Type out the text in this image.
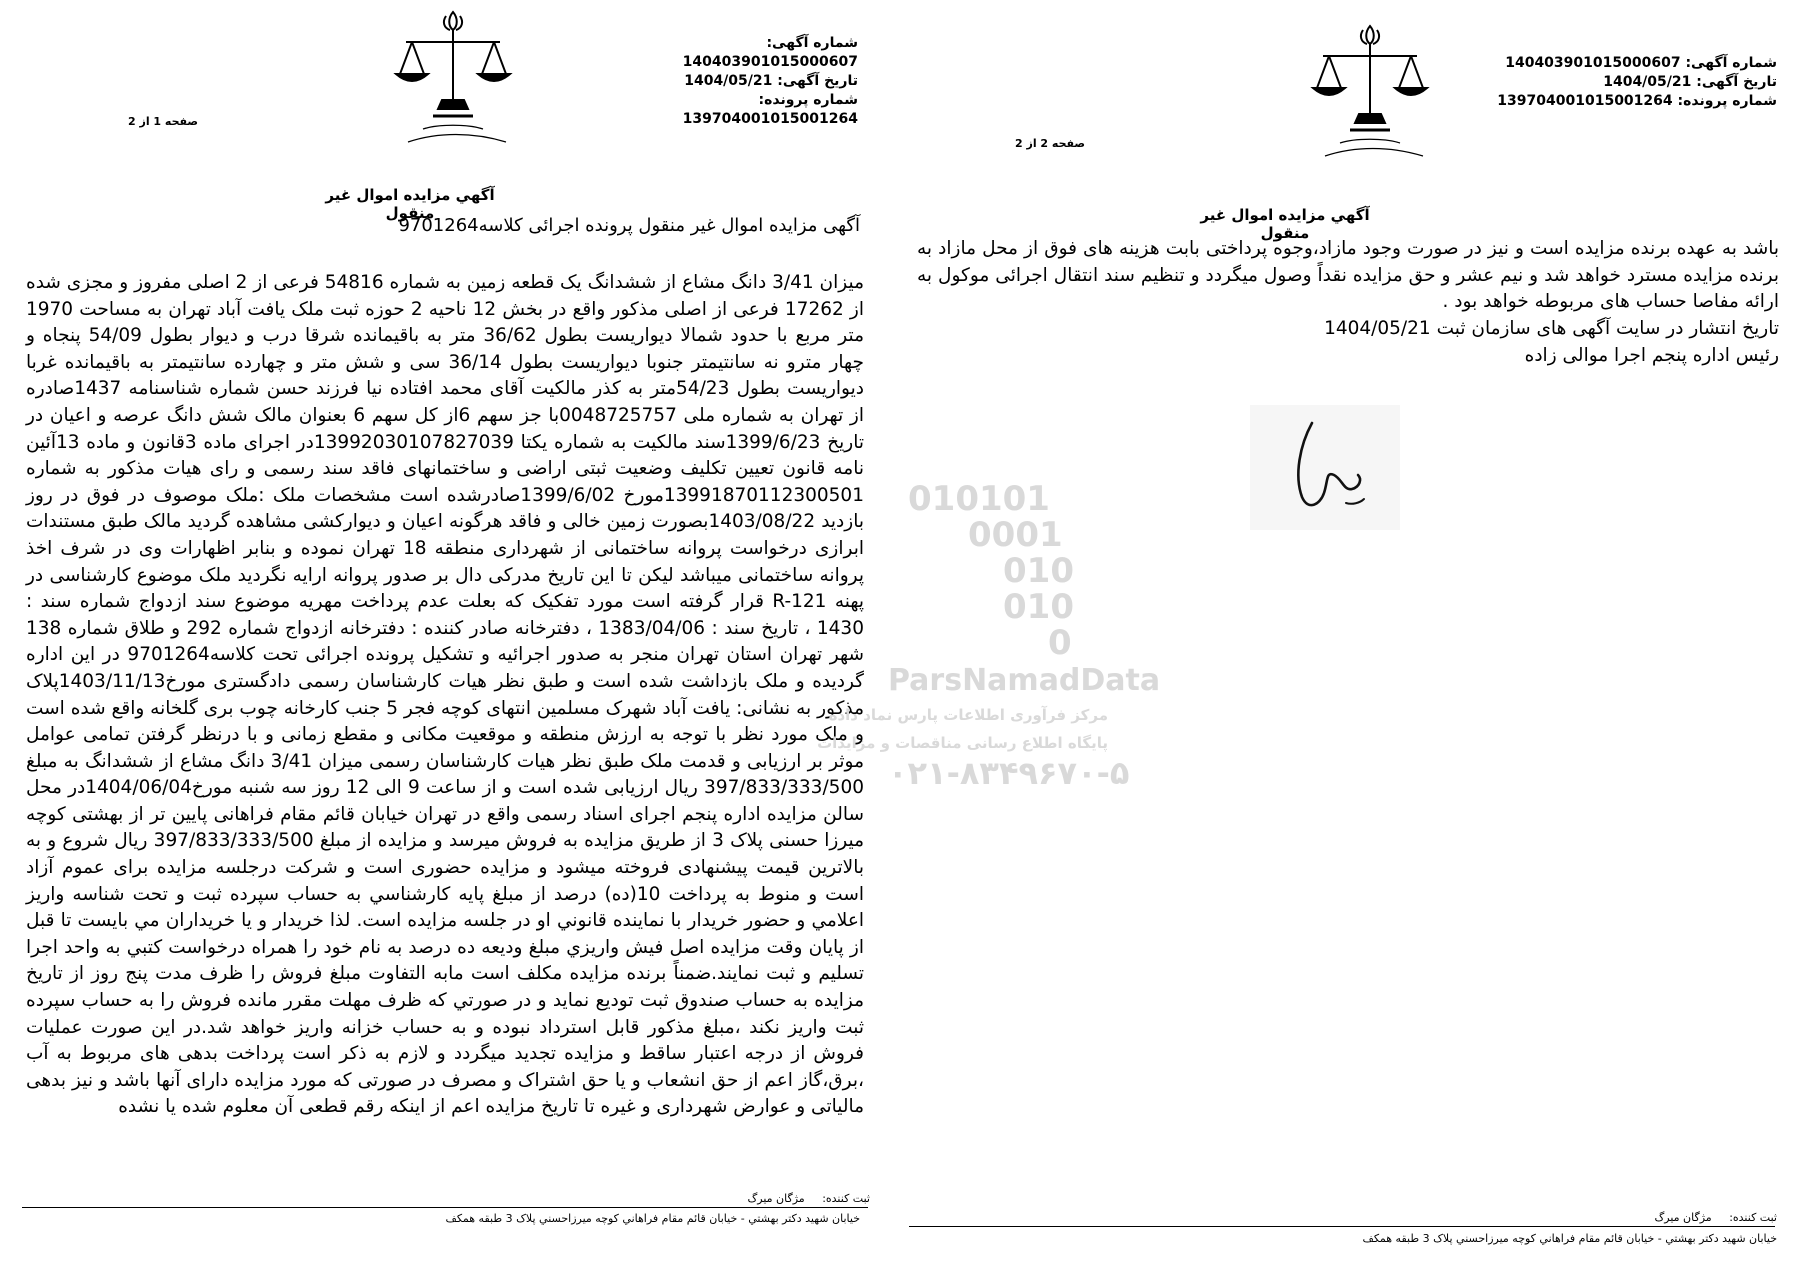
شماره آگهی: 140403901015000607
تاریخ آگهی: 1404/05/21
شماره پرونده: 139704001015001264
صفحه 1 از 2
آگهي مزايده اموال غير منقول
آگهی مزایده اموال غیر منقول پرونده اجرائی کلاسه9701264

میزان 3/41 دانگ مشاع از ششدانگ یک قطعه زمین به شماره 54816 فرعی از 2 اصلی مفروز و مجزی شده از 17262 فرعی از اصلی مذکور واقع در بخش 12 ناحیه 2 حوزه ثبت ملک یافت آباد تهران به مساحت 1970 متر مربع با حدود شمالا دیواریست بطول 36/62 متر به باقیمانده شرقا درب و دیوار بطول 54/09 پنجاه و چهار مترو نه سانتیمتر جنوبا دیواریست بطول 36/14 سی و شش متر و چهارده سانتیمتر به باقیمانده غربا دیواریست بطول 54/23متر به کذر مالکیت آقای محمد افتاده نیا فرزند حسن شماره شناسنامه 1437صادره از تهران به شماره ملی 0048725757با جز سهم 6از کل سهم 6 بعنوان مالک شش دانگ عرصه و اعیان در تاریخ 1399/6/23سند مالکیت به شماره یکتا 13992030107827039در اجرای ماده 3قانون و ماده 13آئین نامه قانون تعیین تکلیف وضعیت ثبتی اراضی و ساختمانهای فاقد سند رسمی و رای هیات مذکور به شماره 139918701123005​01مورخ 1399/6/02صادرشده است مشخصات ملک :ملک موصوف در فوق در روز بازدید 1403/08/22بصورت زمین خالی و فاقد هرگونه اعیان و دیوارکشی مشاهده گردید مالک طبق مستندات ابرازی درخواست پروانه ساختمانی از شهرداری منطقه 18 تهران نموده و بنابر اظهارات وی در شرف اخذ پروانه ساختمانی میباشد لیکن تا این تاریخ مدرکی دال بر صدور پروانه ارایه نگردید ملک موضوع کارشناسی در پهنه R-121 قرار گرفته است مورد تفکیک که بعلت عدم پرداخت مهریه موضوع سند ازدواج شماره سند : 1430 ، تاریخ سند : 1383/04/06 ، دفترخانه صادر کننده : دفترخانه ازدواج شماره 292 و طلاق شماره 138 شهر تهران استان تهران منجر به صدور اجرائیه و تشکیل پرونده اجرائی تحت کلاسه9701264 در این اداره گردیده و ملک بازداشت شده است و طبق نظر هیات کارشناسان رسمی دادگستری مورخ1403/11/13پلاک مذکور به نشانی: یافت آباد شهرک مسلمین انتهای کوچه فجر 5 جنب کارخانه چوب بری گلخانه واقع شده است و ملک مورد نظر با توجه به ارزش منطقه و موقعیت مکانی و مقطع زمانی و با درنظر گرفتن تمامی عوامل موثر بر ارزیابی و قدمت ملک طبق نظر هیات کارشناسان رسمی میزان 3/41 دانگ مشاع از ششدانگ به مبلغ 397/833/333/500 ریال ارزیابی شده است و از ساعت 9 الی 12 روز سه شنبه مورخ1404/06/04در محل سالن مزایده اداره پنجم اجرای اسناد رسمی واقع در تهران خیابان قائم مقام فراهانی پایین تر از بهشتی کوچه میرزا حسنی پلاک 3 از طریق مزایده به فروش میرسد و مزایده از مبلغ 397/833/333/500 ریال شروع و به بالاترین قیمت پیشنهادی فروخته میشود و مزایده حضوری است و شرکت درجلسه مزایده برای عموم آزاد است و منوط به پرداخت 10(ده) درصد از مبلغ پایه کارشناسي به حساب سپرده ثبت و تحت شناسه واريز اعلامي و حضور خريدار با نماينده قانوني او در جلسه مزايده است. لذا خريدار و يا خريداران مي بايست تا قبل از پايان وقت مزايده اصل فيش واريزي مبلغ وديعه ده درصد به نام خود را همراه درخواست کتبي به واحد اجرا تسليم و ثبت نمايند.ضمناً برنده مزايده مكلف است مابه التفاوت مبلغ فروش را ظرف مدت پنج روز از تاريخ مزايده به حساب صندوق ثبت توديع نمايد و در صورتي كه ظرف مهلت مقرر مانده فروش را به حساب سپرده ثبت واريز نكند ،مبلغ مذكور قابل استرداد نبوده و به حساب خزانه واريز خواهد شد.در این صورت عملیات فروش از درجه اعتبار ساقط و مزایده تجدید میگردد و لازم به ذکر است پرداخت بدهی های مربوط به آب ،برق،گاز اعم از حق انشعاب و یا حق اشتراک و مصرف در صورتی که مورد مزایده دارای آنها باشد و نیز بدهی مالیاتی و عوارض شهرداری و غیره تا تاریخ مزایده اعم از اینکه رقم قطعی آن معلوم شده یا نشده

ثبت كننده:     مژگان ميرگ
خيابان شهيد دكتر بهشتي - خيابان قائم مقام فراهاني كوچه ميرزاحسني پلاک 3 طبقه همكف
شماره آگهی: 140403901015000607
تاریخ آگهی: 1404/05/21
شماره پرونده: 139704001015001264
صفحه 2 از 2
آگهي مزايده اموال غير منقول

باشد به عهده برنده مزایده است و نیز در صورت وجود مازاد،وجوه پرداختی بابت هزینه های فوق از محل مازاد به برنده مزایده مسترد خواهد شد و نیم عشر و حق مزایده نقداً وصول میگردد و تنظیم سند انتقال اجرائی موکول به ارائه مفاصا حساب های مربوطه خواهد بود .

تاریخ انتشار در سایت آگهی های سازمان ثبت 1404/05/21

رئیس اداره پنجم اجرا موالی زاده

ثبت كننده:     مژگان ميرگ
خيابان شهيد دكتر بهشتي - خيابان قائم مقام فراهاني كوچه ميرزاحسني پلاک 3 طبقه همكف
010101
0001
010
010
0
ParsNamadData
مرکز فرآوری اطلاعات پارس نماد داده
پایگاه اطلاع رسانی مناقصات و مزایدات
۰۲۱-۸۳۴۹۶۷۰-۵
